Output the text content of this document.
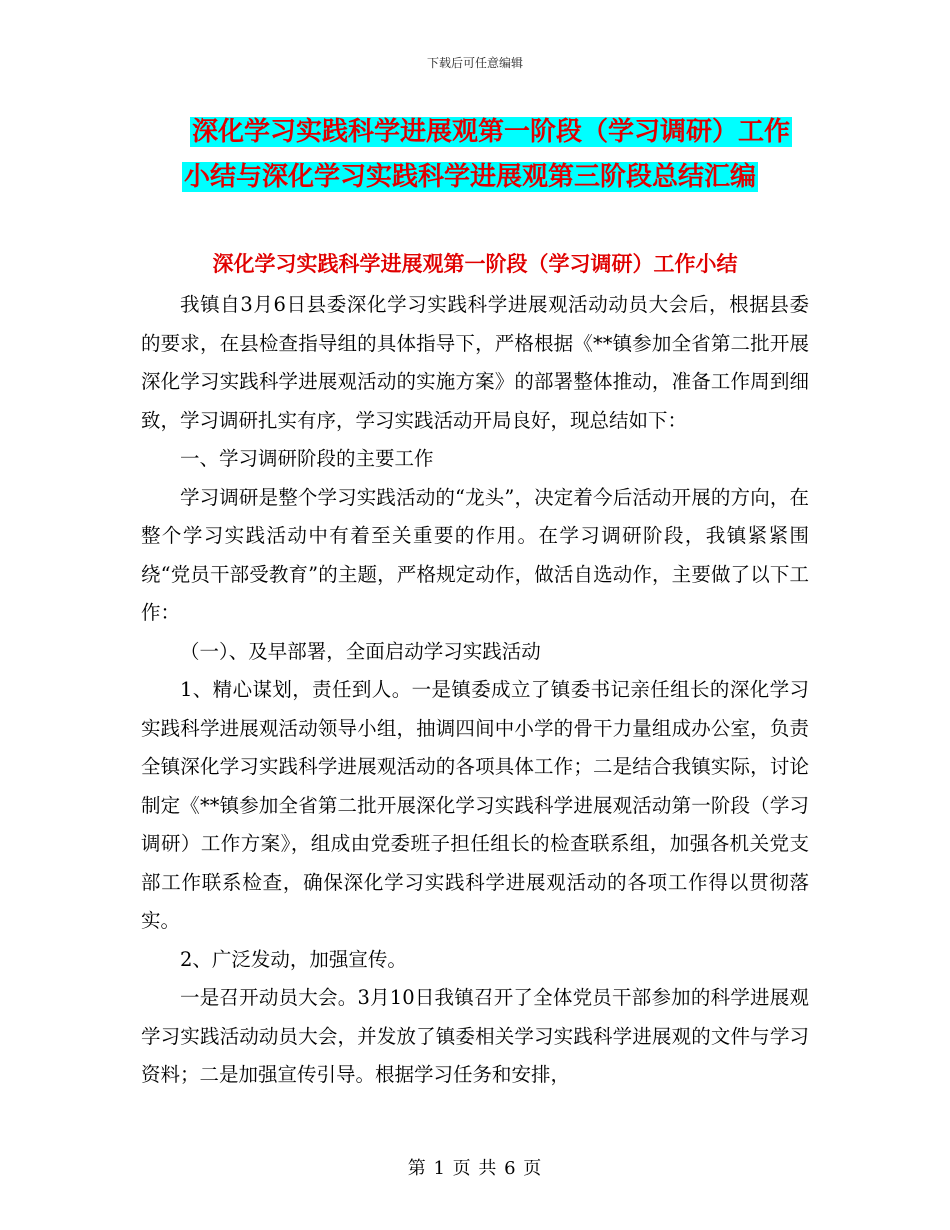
下载后可任意编辑
深化学习实践科学进展观第一阶段（学习调研）工作
小结与深化学习实践科学进展观第三阶段总结汇编
深化学习实践科学进展观第一阶段（学习调研）工作小结

我镇自3月6日县委深化学习实践科学进展观活动动员大会后，根据县委的要求，在县检查指导组的具体指导下，严格根据《**镇参加全省第二批开展深化学习实践科学进展观活动的实施方案》的部署整体推动，准备工作周到细致，学习调研扎实有序，学习实践活动开局良好，现总结如下：

一、学习调研阶段的主要工作

学习调研是整个学习实践活动的“龙头”，决定着今后活动开展的方向，在整个学习实践活动中有着至关重要的作用。在学习调研阶段，我镇紧紧围绕“党员干部受教育”的主题，严格规定动作，做活自选动作，主要做了以下工作：

（一）、及早部署，全面启动学习实践活动

1、精心谋划，责任到人。一是镇委成立了镇委书记亲任组长的深化学习实践科学进展观活动领导小组，抽调四间中小学的骨干力量组成办公室，负责全镇深化学习实践科学进展观活动的各项具体工作；二是结合我镇实际，讨论制定《**镇参加全省第二批开展深化学习实践科学进展观活动第一阶段（学习调研）工作方案》，组成由党委班子担任组长的检查联系组，加强各机关党支部工作联系检查，确保深化学习实践科学进展观活动的各项工作得以贯彻落实。

2、广泛发动，加强宣传。

一是召开动员大会。3月10日我镇召开了全体党员干部参加的科学进展观学习实践活动动员大会，并发放了镇委相关学习实践科学进展观的文件与学习资料；二是加强宣传引导。根据学习任务和安排，

第 1 页 共 6 页
